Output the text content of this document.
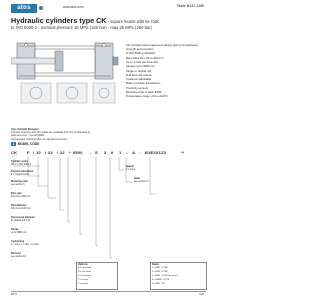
atos	www.atos.com	Table B137-19/E
Hydraulic cylinders type CK - square heads with tie rods
to ISO 6020-2 - nominal pressure 16 MPa (160 bar) - max 25 MPa (250 bar)

CK cylinders have engineered design giving compactness, strength and precision

to ISO 6020-2 standard

Bore sizes from 25 to 200 mm

Up to 3 rods per bore size

Strokes up to 5000 mm

Single or double rod

Rod and end options

Cushions adjustable

Built-in position transducers

Proximity sensors

Mounting style to table B180

Temperature range -20 to +120°C

Atos Cylinder Designer
Cylinder drawings and 3D models are available from the configurator at www.atos.com - see tab B180.
Contact Atos technical office for special executions.
1 MODEL CODE
CK F / 10 / 22 / 22 * 0500 - S 3 0 1 - A - B1E3X1Z3	**
Cylinder series
CK = to ISO 6020-2
Position transducer
F = magnetosonic
Mounting style
see section 5
Bore size
from 25 to 200 mm
Rod diameter
from 12 to 140 mm
Second rod diameter
for double rod only
Stroke
up to 5000 mm
Cushioning
0 = none, 1 = fast, 2 = slow
Rod end
see section 13
Spacer
0 = none
Seals
see section 17
Options
A = front head
B = rear head
E = air bleeds
X = oil port
Z = special
Seals
1 = NBR + PTFE
2 = FKM + PTFE
3 = NBR + PTFE low friction
4 = HNBR + PTFE
8 = NBR + PU
B137	1/26
